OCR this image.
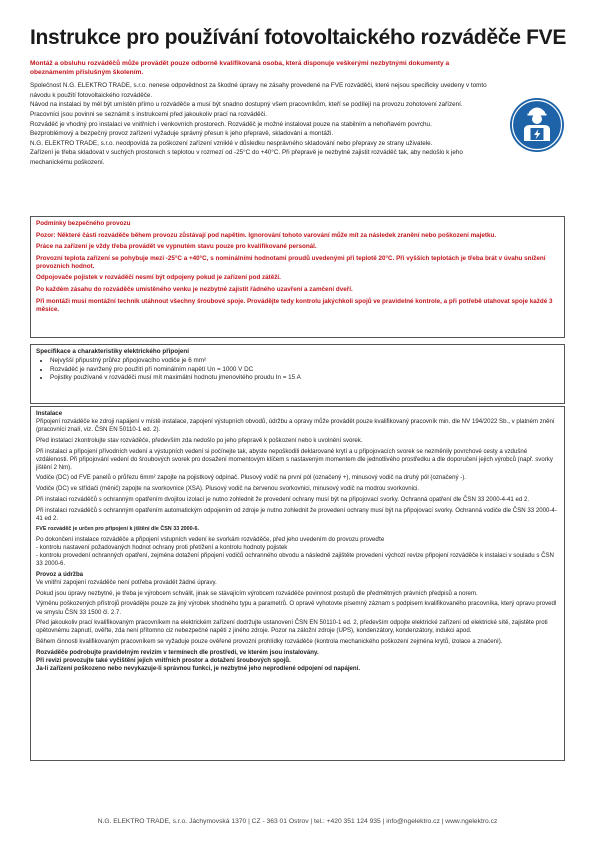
Instrukce pro používání fotovoltaického rozváděče FVE

Montáž a obsluhu rozváděčů může provádět pouze odborně kvalifikovaná osoba, která disponuje veškerými nezbytnými dokumenty a obeznámením příslušným školením.

Společnost N.G. ELEKTRO TRADE, s.r.o. nenese odpovědnost za škodné úpravy ne zásahy provedené na FVE rozváděči, které nejsou specificky uvedeny v tomto návodu k použití fotovoltaického rozváděče.

Návod na instalaci by měl být umístěn přímo u rozváděče a musí být snadno dostupný všem pracovníkům, kteří se podílejí na provozu zohotovení zařízení. Pracovníci jsou povinni se seznámit s instrukcemi před jakoukoliv prací na rozváděči.

Rozváděč je vhodný pro instalaci ve vnitřních i venkovních prostorech. Rozváděč je možné instalovat pouze na stabilním a nehořlavém povrchu.

Bezproblémový a bezpečný provoz zařízení vyžaduje správný přesun k jeho přepravě, skladování a montáži.

N.G. ELEKTRO TRADE, s.r.o. neodpovídá za poškození zařízení vzniklé v důsledku nesprávného skladování nebo přepravy ze strany uživatele.

Zařízení je třeba skladovat v suchých prostorech s teplotou v rozmezí od -25°C do +40°C. Při přepravě je nezbytné zajistit rozváděč tak, aby nedošlo k jeho mechanickému poškození.

Podmínky bezpečného provozu

Pozor: Některé části rozváděče během provozu zůstávají pod napětím. Ignorování tohoto varování může mít za následek zranění nebo poškození majetku.

Práce na zařízení je vždy třeba provádět ve vypnutém stavu pouze pro kvalifikované personál.

Provozní teplota zařízení se pohybuje mezi -25°C a +40°C, s nominálními hodnotami proudů uvedenými při teplotě 20°C. Při vyšších teplotách je třeba brát v úvahu snížení provozních hodnot.

Odpojovače pojistek v rozváděči nesmí být odpojeny pokud je zařízení pod zátěží.

Po každém zásahu do rozváděče umístěného venku je nezbytné zajistit řádného uzavření a zamčení dveří.

Při montáži musí montážní technik utáhnout všechny šroubové spoje. Provádějte tedy kontrolu jakýchkoli spojů ve pravidelné kontrole, a při potřebě utahovat spoje každé 3 měsíce.

Specifikace a charakteristiky elektrického připojení

• Nejvyšší připustný průřez připojovacího vodiče je 6 mm²
• Rozváděč je navržený pro použití při nominálním napětí Un = 1000 V DC
• Pojistky používané v rozváděči musí mít maximální hodnotu jmenovitého proudu In = 15 A

Instalace

Připojení rozváděče ke zdroji napájení v místě instalace, zapojení výstupních obvodů, údržbu a opravy může provádět pouze kvalifikovaný pracovník min. dle NV 194/2022 Sb., v platném znění (pracovníci znalí, viz. ČSN EN 50110-1 ed. 2).

Před instalací zkontrolujte stav rozváděče, především zda nedošlo po jeho přepravě k poškození nebo k uvolnění svorek.

Při instalaci a připojení přívodních vedení a výstupních vedení si počínejte tak, abyste nepoškodili deklarované krytí a u připojovacích svorek se nezměnily povrchové cesty a vzdušné vzdálenosti. Při připojování vedení do šroubových svorek pro dosažení momentovým klíčem s nastaveným momentem dle jednotlivého prostředku a dle doporučení jejich výrobců (např. svorky jištění 2 Nm).

Vodiče (DC) od FVE panelů o průřezu 6mm² zapojte na pojistkový odpínač. Plusový vodič na první pól (označený +), minusový vodič na druhý pól (označený -).

Vodiče (DC) ve střídači (měnič) zapojte na svorkovnice (XSA). Plusový vodič na červenou svorkovnici, minusový vodič na modrou svorkovnici.

Při instalaci rozváděčů s ochranným opatřením dvojitou izolací je nutno zohlednit že provedení ochrany musí být na připojovací svorky. Ochranná opatření dle ČSN 33 2000-4-41 ed 2.

Při instalaci rozváděčů s ochranným opatřením automatickým odpojením od zdroje je nutno zohlednit že provedení ochrany musí být na připojovací svorky. Ochranná vodiče dle ČSN 33 2000-4-41 ed 2.

FVE rozváděč je určen pro připojení k jištění dle ČSN 33 2000-6.

Po dokončení instalace rozváděče a připojení vstupních vedení ke svorkám rozváděče, před jeho uvedením do provozu proveďte

- kontrolu nastavení požadovaných hodnot ochrany proti přetížení a kontrolu hodnoty pojistek

- kontrolu provedení ochranných opatření, zejména dotažení připojení vodičů ochranného obvodu a následně zajištěte provedení výchozí revize připojení rozváděče k instalaci v souladu s ČSN 33 2000-6.

Provoz a údržba

Ve vnitřní zapojení rozváděče není potřeba provádět žádné úpravy.

Pokud jsou úpravy nezbytné, je třeba je výrobcem schválit, jinak se stávajícím výrobcem rozváděče povinnost postupů dle předmětných právních předpisů a norem.

Výměnu poškozených přístrojů provádějte pouze za jiný výrobek shodného typu a parametrů. O opravě vyhotovte písemný záznam s podpisem kvalifikovaného pracovníka, který opravu provedl ve smyslu ČSN 33 1500 čl. 2.7.

Před jakoukoliv prací kvalifikovaným pracovníkem na elektrickém zařízení dodržujte ustanovení ČSN EN 50110-1 ed. 2, především odpojte elektrické zařízení od elektrické sítě, zajistěte proti opětovnému zapnutí, ověřte, zda není přítomno ciz nebezpečné napětí z jiného zdroje. Pozor na záložní zdroje (UPS), kondenzátory, kondenzátory, indukci apod.

Během činnosti kvalifikovaným pracovníkem se vyžaduje pouze ověřené provozní prohlídky rozváděče (kontrola mechanického poškození zejména krytů, izolace a značení).

Rozváděče podrobujte pravidelným revizím v termínech dle prostředí, ve kterém jsou instalovány.

Při revizi provozujte také vyčištění jejich vnitřních prostor a dotažení šroubových spojů.

Ja-li zařízení poškozeno nebo nevykazuje-li správnou funkci, je nezbytné jeho neprodlené odpojení od napájení.

N.G. ELEKTRO TRADE, s.r.o. Jáchymovská 1370 | CZ - 363 01 Ostrov | tel.: +420 351 124 935 | info@ngelektro.cz | www.ngelektro.cz
